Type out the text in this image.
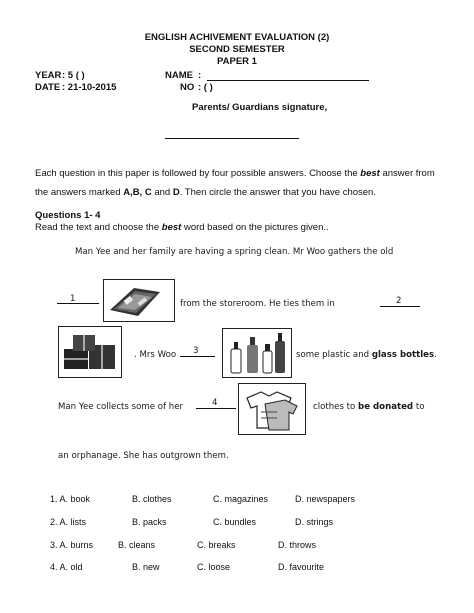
ENGLISH ACHIVEMENT EVALUATION (2)
SECOND SEMESTER
PAPER 1
YEAR : 5 ( )
DATE : 21-10-2015
NAME :
NO : ( )
Parents/ Guardians signature,
Each question in this paper is followed by four possible answers. Choose the best answer from the answers marked A,B, C and D. Then circle the answer that you have chosen.
Questions 1- 4
Read the text and choose the best word based on the pictures given..
Man Yee and her family are having a spring clean. Mr Woo gathers the old
1	from the storeroom. He ties them in	2
. Mrs Woo 3	some plastic and glass bottles.
Man Yee collects some of her	4	clothes to be donated to
an orphanage. She has outgrown them.
1. A. book	B. clothes	C. magazines	D. newspapers
2. A. lists	B. packs	C. bundles	D. strings
3. A. burns	B. cleans	C. breaks	D. throws
4. A. old	B. new	C. loose	D. favourite
